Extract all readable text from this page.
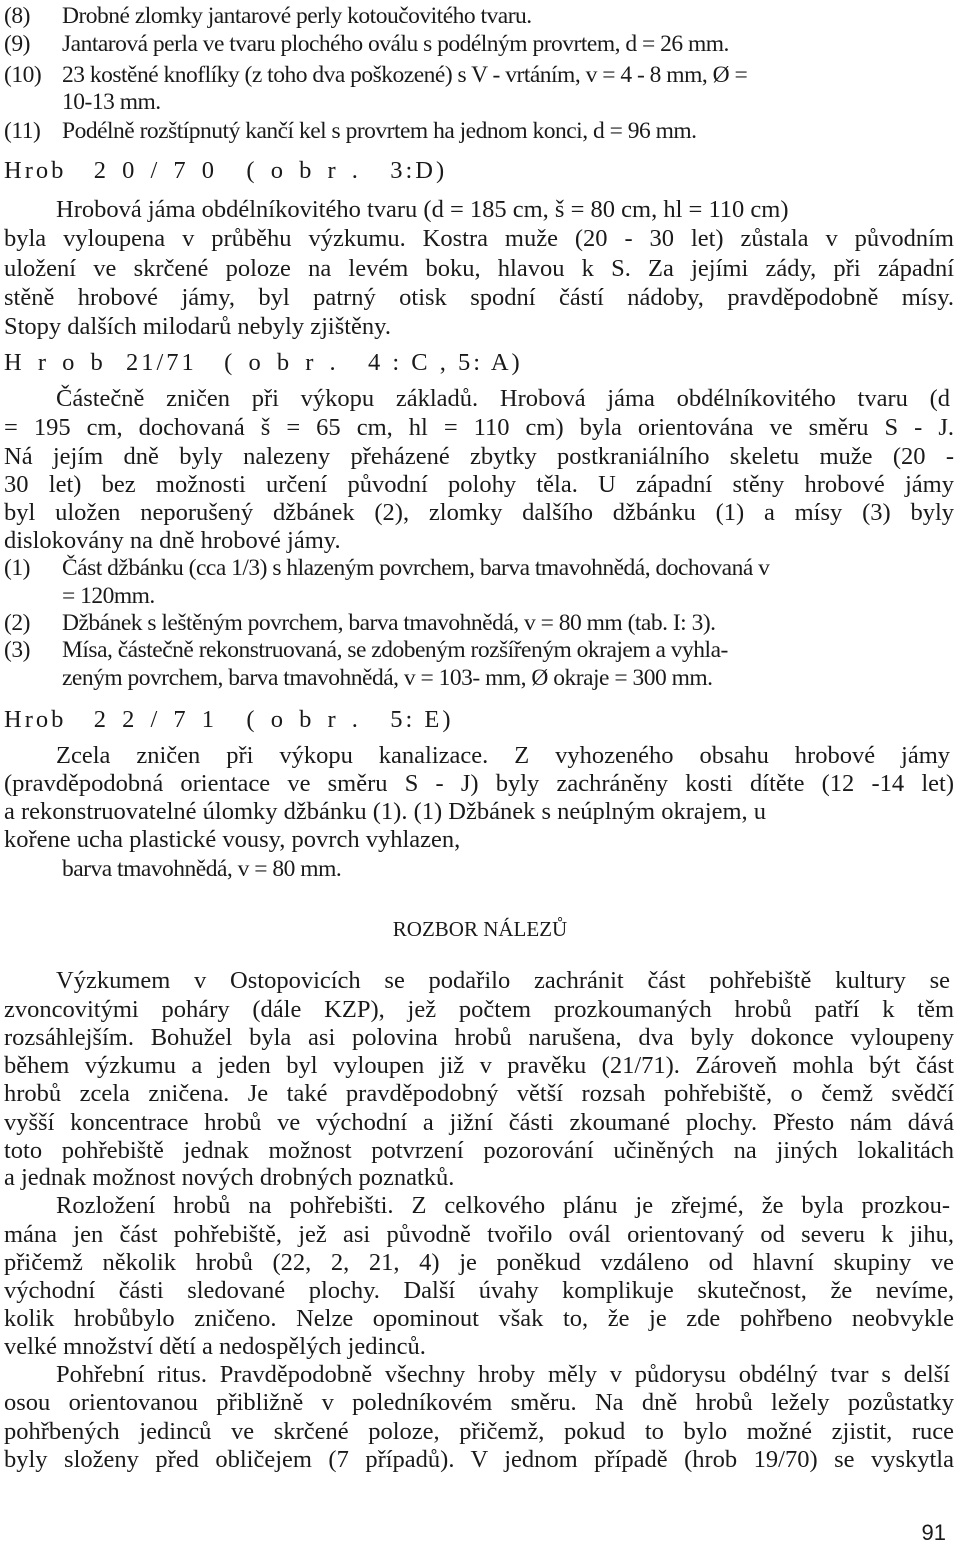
(8) Drobné zlomky jantarové perly kotoučovitého tvaru.
(9) Jantarová perla ve tvaru plochého oválu s podélným provrtem, d = 26 mm.
(10) 23 kostěné knoflíky (z toho dva poškozené) s V - vrtáním, v = 4 - 8 mm, Ø =
10-13 mm.
(11) Podélně rozštípnutý kančí kel s provrtem ha jednom konci, d = 96 mm.
Hrob 2 0 / 7 0 ( o b r . 3:D)
Hrobová jáma obdélníkovitého tvaru (d = 185 cm, š = 80 cm, hl = 110 cm)
byla vyloupena v průběhu výzkumu. Kostra muže (20 - 30 let) zůstala v původním
uložení ve skrčené poloze na levém boku, hlavou k S. Za jejími zády, při západní
stěně hrobové jámy, byl patrný otisk spodní částí nádoby, pravděpodobně mísy.
Stopy dalších milodarů nebyly zjištěny.
H r o b 21/71 ( o b r . 4 : C , 5: A)
Částečně zničen při výkopu základů. Hrobová jáma obdélníkovitého tvaru (d
= 195 cm, dochovaná š = 65 cm, hl = 110 cm) byla orientována ve směru S - J.
Ná jejím dně byly nalezeny přeházené zbytky postkraniálního skeletu muže (20 -
30 let) bez možnosti určení původní polohy těla. U západní stěny hrobové jámy
byl uložen neporušený džbánek (2), zlomky dalšího džbánku (1) a mísy (3) byly
dislokovány na dně hrobové jámy.
(1) Část džbánku (cca 1/3) s hlazeným povrchem, barva tmavohnědá, dochovaná v
= 120mm.
(2) Džbánek s leštěným povrchem, barva tmavohnědá, v = 80 mm (tab. I: 3).
(3) Mísa, částečně rekonstruovaná, se zdobeným rozšířeným okrajem a vyhla-
zeným povrchem, barva tmavohnědá, v = 103- mm, Ø okraje = 300 mm.
Hrob 2 2 / 7 1 ( o b r . 5: E)
Zcela zničen při výkopu kanalizace. Z vyhozeného obsahu hrobové jámy
(pravděpodobná orientace ve směru S - J) byly zachráněny kosti dítěte (12 -14 let)
a rekonstruovatelné úlomky džbánku (1). (1) Džbánek s neúplným okrajem, u
kořene ucha plastické vousy, povrch vyhlazen,
barva tmavohnědá, v = 80 mm.
ROZBOR NÁLEZŮ
Výzkumem v Ostopovicích se podařilo zachránit část pohřebiště kultury se
zvoncovitými poháry (dále KZP), jež počtem prozkoumaných hrobů patří k těm
rozsáhlejším. Bohužel byla asi polovina hrobů narušena, dva byly dokonce vyloupeny
během výzkumu a jeden byl vyloupen již v pravěku (21/71). Zároveň mohla být část
hrobů zcela zničena. Je také pravděpodobný větší rozsah pohřebiště, o čemž svědčí
vyšší koncentrace hrobů ve východní a jižní části zkoumané plochy. Přesto nám dává
toto pohřebiště jednak možnost potvrzení pozorování učiněných na jiných lokalitách
a jednak možnost nových drobných poznatků.
Rozložení hrobů na pohřebišti. Z celkového plánu je zřejmé, že byla prozkou-
mána jen část pohřebiště, jež asi původně tvořilo ovál orientovaný od severu k jihu,
přičemž několik hrobů (22, 2, 21, 4) je poněkud vzdáleno od hlavní skupiny ve
východní části sledované plochy. Další úvahy komplikuje skutečnost, že nevíme,
kolik hrobůbylo zničeno. Nelze opominout však to, že je zde pohřbeno neobvykle
velké množství dětí a nedospělých jedinců.
Pohřební ritus. Pravděpodobně všechny hroby měly v půdorysu obdélný tvar s delší
osou orientovanou přibližně v poledníkovém směru. Na dně hrobů ležely pozůstatky
pohřbených jedinců ve skrčené poloze, přičemž, pokud to bylo možné zjistit, ruce
byly složeny před obličejem (7 případů). V jednom případě (hrob 19/70) se vyskytla
91
